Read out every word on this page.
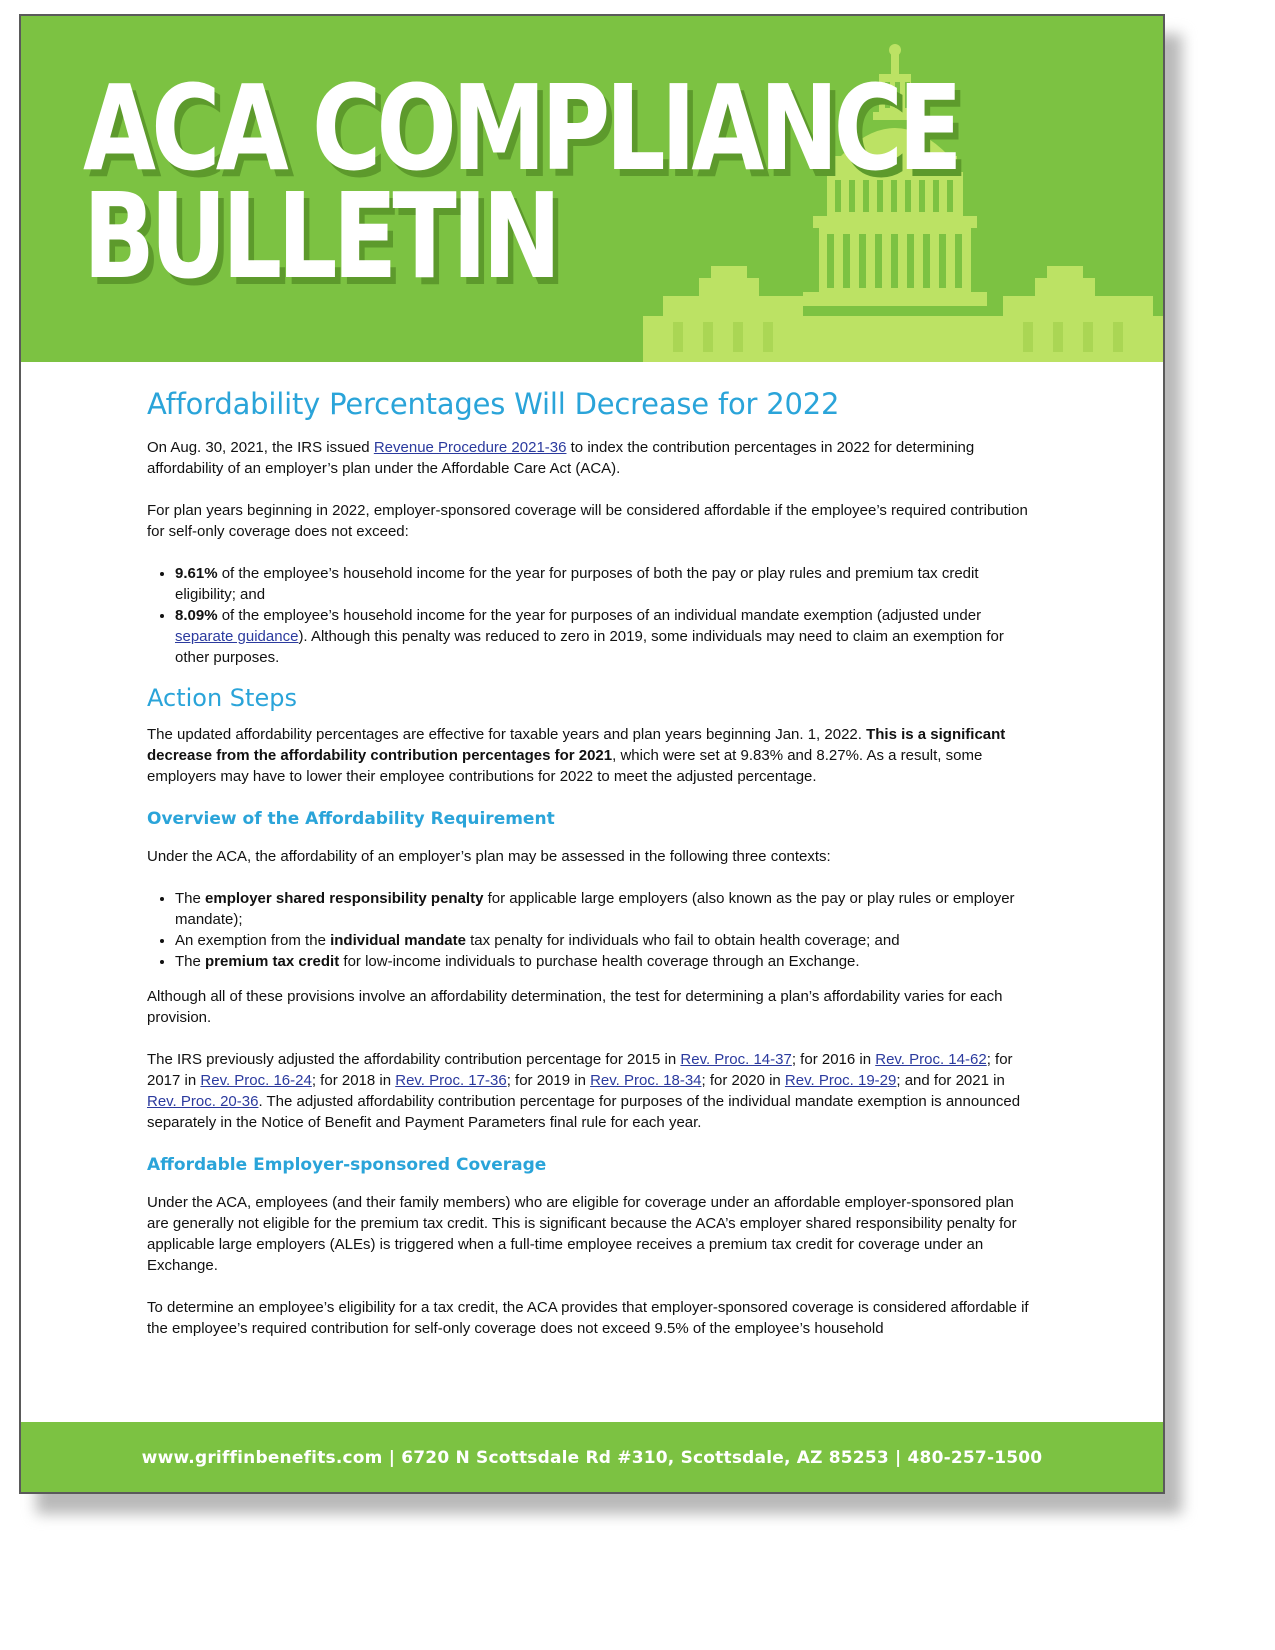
ACA COMPLIANCE
BULLETIN
Affordability Percentages Will Decrease for 2022

On Aug. 30, 2021, the IRS issued Revenue Procedure 2021-36 to index the contribution percentages in 2022 for determining affordability of an employer’s plan under the Affordable Care Act (ACA).

For plan years beginning in 2022, employer-sponsored coverage will be considered affordable if the employee’s required contribution for self-only coverage does not exceed:

• 9.61% of the employee’s household income for the year for purposes of both the pay or play rules and premium tax credit eligibility; and
• 8.09% of the employee’s household income for the year for purposes of an individual mandate exemption (adjusted under separate guidance). Although this penalty was reduced to zero in 2019, some individuals may need to claim an exemption for other purposes.
Action Steps

The updated affordability percentages are effective for taxable years and plan years beginning Jan. 1, 2022. This is a significant decrease from the affordability contribution percentages for 2021, which were set at 9.83% and 8.27%. As a result, some employers may have to lower their employee contributions for 2022 to meet the adjusted percentage.

Overview of the Affordability Requirement

Under the ACA, the affordability of an employer’s plan may be assessed in the following three contexts:

• The employer shared responsibility penalty for applicable large employers (also known as the pay or play rules or employer mandate);
• An exemption from the individual mandate tax penalty for individuals who fail to obtain health coverage; and
• The premium tax credit for low-income individuals to purchase health coverage through an Exchange.

Although all of these provisions involve an affordability determination, the test for determining a plan’s affordability varies for each provision.

The IRS previously adjusted the affordability contribution percentage for 2015 in Rev. Proc. 14-37; for 2016 in Rev. Proc. 14-62; for 2017 in Rev. Proc. 16-24; for 2018 in Rev. Proc. 17-36; for 2019 in Rev. Proc. 18-34; for 2020 in Rev. Proc. 19-29; and for 2021 in Rev. Proc. 20-36. The adjusted affordability contribution percentage for purposes of the individual mandate exemption is announced separately in the Notice of Benefit and Payment Parameters final rule for each year.

Affordable Employer-sponsored Coverage

Under the ACA, employees (and their family members) who are eligible for coverage under an affordable employer-sponsored plan are generally not eligible for the premium tax credit. This is significant because the ACA’s employer shared responsibility penalty for applicable large employers (ALEs) is triggered when a full-time employee receives a premium tax credit for coverage under an Exchange.

To determine an employee’s eligibility for a tax credit, the ACA provides that employer-sponsored coverage is considered affordable if the employee’s required contribution for self-only coverage does not exceed 9.5% of the employee’s household

www.griffinbenefits.com | 6720 N Scottsdale Rd #310, Scottsdale, AZ 85253 | 480-257-1500
